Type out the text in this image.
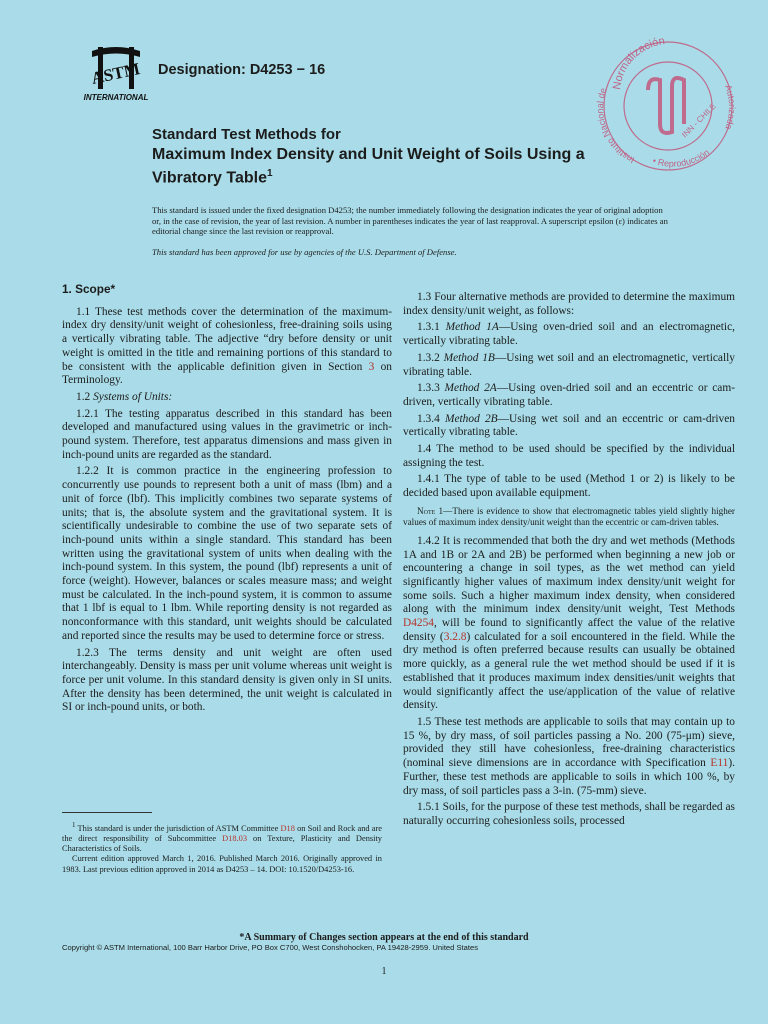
ASTM
INTERNATIONAL
Designation: D4253 − 16
Normalización
Instituto Nacional de	Autorizada
• Reproducción
INN - CHILE
Standard Test Methods for
Maximum Index Density and Unit Weight of Soils Using a
Vibratory Table$^1$
This standard is issued under the fixed designation D4253; the number immediately following the designation indicates the year of original adoption or, in the case of revision, the year of last revision. A number in parentheses indicates the year of last reapproval. A superscript epsilon (ε) indicates an editorial change since the last revision or reapproval.
This standard has been approved for use by agencies of the U.S. Department of Defense.
1. Scope*

1.1 These test methods cover the determination of the maximum-index dry density/unit weight of cohesionless, free-draining soils using a vertically vibrating table. The adjective “dry before density or unit weight is omitted in the title and remaining portions of this standard to be consistent with the applicable definition given in Section 3 on Terminology.

1.2 Systems of Units:

1.2.1 The testing apparatus described in this standard has been developed and manufactured using values in the gravimetric or inch-pound system. Therefore, test apparatus dimensions and mass given in inch-pound units are regarded as the standard.

1.2.2 It is common practice in the engineering profession to concurrently use pounds to represent both a unit of mass (lbm) and a unit of force (lbf). This implicitly combines two separate systems of units; that is, the absolute system and the gravitational system. It is scientifically undesirable to combine the use of two separate sets of inch-pound units within a single standard. This standard has been written using the gravitational system of units when dealing with the inch-pound system. In this system, the pound (lbf) represents a unit of force (weight). However, balances or scales measure mass; and weight must be calculated. In the inch-pound system, it is common to assume that 1 lbf is equal to 1 lbm. While reporting density is not regarded as nonconformance with this standard, unit weights should be calculated and reported since the results may be used to determine force or stress.

1.2.3 The terms density and unit weight are often used interchangeably. Density is mass per unit volume whereas unit weight is force per unit volume. In this standard density is given only in SI units. After the density has been determined, the unit weight is calculated in SI or inch-pound units, or both.

$^1$ This standard is under the jurisdiction of ASTM Committee D18 on Soil and Rock and are the direct responsibility of Subcommittee D18.03 on Texture, Plasticity and Density Characteristics of Soils.

Current edition approved March 1, 2016. Published March 2016. Originally approved in 1983. Last previous edition approved in 2014 as D4253 – 14. DOI: 10.1520/D4253-16.

1.3 Four alternative methods are provided to determine the maximum index density/unit weight, as follows:

1.3.1 Method 1A—Using oven-dried soil and an electromagnetic, vertically vibrating table.

1.3.2 Method 1B—Using wet soil and an electromagnetic, vertically vibrating table.

1.3.3 Method 2A—Using oven-dried soil and an eccentric or cam-driven, vertically vibrating table.

1.3.4 Method 2B—Using wet soil and an eccentric or cam-driven vertically vibrating table.

1.4 The method to be used should be specified by the individual assigning the test.

1.4.1 The type of table to be used (Method 1 or 2) is likely to be decided based upon available equipment.

Note 1—There is evidence to show that electromagnetic tables yield slightly higher values of maximum index density/unit weight than the eccentric or cam-driven tables.

1.4.2 It is recommended that both the dry and wet methods (Methods 1A and 1B or 2A and 2B) be performed when beginning a new job or encountering a change in soil types, as the wet method can yield significantly higher values of maximum index density/unit weight for some soils. Such a higher maximum index density, when considered along with the minimum index density/unit weight, Test Methods D4254, will be found to significantly affect the value of the relative density (3.2.8) calculated for a soil encountered in the field. While the dry method is often preferred because results can usually be obtained more quickly, as a general rule the wet method should be used if it is established that it produces maximum index densities/unit weights that would significantly affect the use/application of the value of relative density.

1.5 These test methods are applicable to soils that may contain up to 15 %, by dry mass, of soil particles passing a No. 200 (75-μm) sieve, provided they still have cohesionless, free-draining characteristics (nominal sieve dimensions are in accordance with Specification E11). Further, these test methods are applicable to soils in which 100 %, by dry mass, of soil particles pass a 3-in. (75-mm) sieve.

1.5.1 Soils, for the purpose of these test methods, shall be regarded as naturally occurring cohesionless soils, processed

*A Summary of Changes section appears at the end of this standard
Copyright © ASTM International, 100 Barr Harbor Drive, PO Box C700, West Conshohocken, PA 19428-2959. United States
1
